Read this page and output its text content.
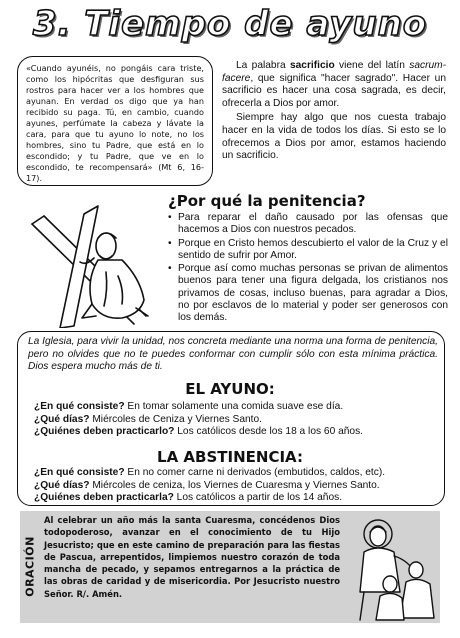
3. Tiempo de ayuno
«Cuando ayunéis, no pongáis cara triste, como los hipócritas que desfiguran sus rostros para hacer ver a los hombres que ayunan. En verdad os digo que ya han recibido su paga. Tú, en cambio, cuando ayunes, perfúmate la cabeza y lávate la cara, para que tu ayuno lo note, no los hombres, sino tu Padre, que está en lo escondido; y tu Padre, que ve en lo escondido, te recompensará» (Mt 6, 16-17).

La palabra sacrificio viene del latín sacrum-facere, que significa "hacer sagrado". Hacer un sacrificio es hacer una cosa sagrada, es decir, ofrecerla a Dios por amor.

Siempre hay algo que nos cuesta trabajo hacer en la vida de todos los días. Si esto se lo ofrecemos a Dios por amor, estamos haciendo un sacrificio.

¿Por qué la penitencia?
• Para reparar el daño causado por las ofensas que hacemos a Dios con nuestros pecados.
• Porque en Cristo hemos descubierto el valor de la Cruz y el sentido de sufrir por Amor.
• Porque así como muchas personas se privan de alimentos buenos para tener una figura delgada, los cristianos nos privamos de cosas, incluso buenas, para agradar a Dios, no por esclavos de lo material y poder ser generosos con los demás.
La Iglesia, para vivir la unidad, nos concreta mediante una norma una forma de penitencia, pero no olvides que no te puedes conformar con cumplir sólo con esta mínima práctica. Dios espera mucho más de ti.
EL AYUNO:
¿En qué consiste? En tomar solamente una comida suave ese día.
¿Qué días? Miércoles de Ceniza y Viernes Santo.
¿Quiénes deben practicarlo? Los católicos desde los 18 a los 60 años.
LA ABSTINENCIA:
¿En qué consiste? En no comer carne ni derivados (embutidos, caldos, etc).
¿Qué días? Miércoles de ceniza, los Viernes de Cuaresma y Viernes Santo.
¿Quiénes deben practicarla? Los católicos a partir de los 14 años.
ORACIÓN
Al celebrar un año más la santa Cuaresma, concédenos Dios todopoderoso, avanzar en el conocimiento de tu Hijo Jesucristo; que en este camino de preparación para las fiestas de Pascua, arrepentidos, limpiemos nuestro corazón de toda mancha de pecado, y sepamos entregarnos a la práctica de las obras de caridad y de misericordia. Por Jesucristo nuestro Señor. R/. Amén.
